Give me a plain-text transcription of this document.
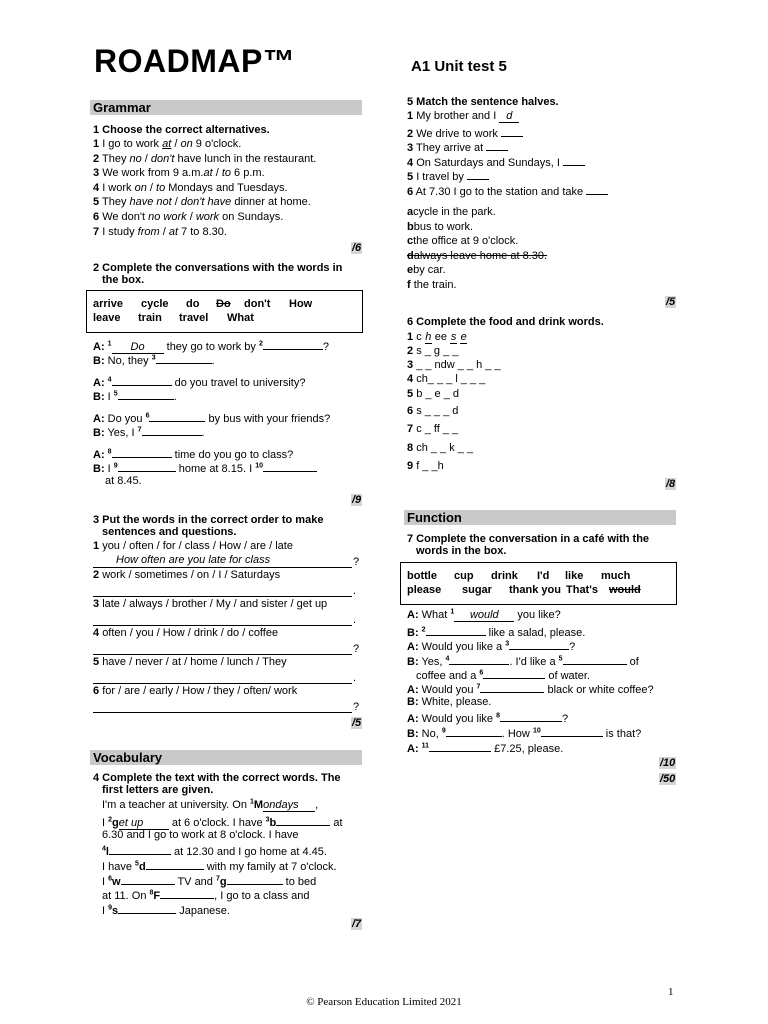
ROADMAP™	A1 Unit test 5
Grammar
1 Choose the correct alternatives.
1 I go to work at / on 9 o'clock.
2 They no / don't have lunch in the restaurant.
3 We work from 9 a.m.at / to 6 p.m.
4 I work on / to Mondays and Tuesdays.
5 They have not / don't have dinner at home.
6 We don't no work / work on Sundays.
7 I study from / at 7 to 8.30.
/6
2 Complete the conversations with the words in
the box.
arrive cycle do Do don't How
leave train travel What
A: $^1$ Do they go to work by $^2$	?
B: No, they $^3$	.
A: $^4$	do you travel to university?
B: I $^5$	.
A: Do you $^6$	by bus with your friends?
B: Yes, I $^7$	.
A: $^8$	time do you go to class?
B: I $^9$	home at 8.15. I $^{10}$
at 8.45.
/9
3 Put the words in the correct order to make
sentences and questions.
1 you / often / for / class / How / are / late
How often are you late for class	?
2 work / sometimes / on / I / Saturdays
.
3 late / always / brother / My / and sister / get up
.
4 often / you / How / drink / do / coffee
?
5 have / never / at / home / lunch / They
.
6 for / are / early / How / they / often/ work
?
/5
Vocabulary
4 Complete the text with the correct words. The
first letters are given.
I'm a teacher at university. On $^1$Mondays ,
I $^2$get up at 6 o'clock. I have $^3$b	at
6.30 and I go to work at 8 o'clock. I have
$^4$l	at 12.30 and I go home at 4.45.
I have $^5$d	with my family at 7 o'clock.
I $^6$w	TV and $^7$g	to bed
at 11. On $^8$F	, I go to a class and
I $^9$s	Japanese.
/7
5 Match the sentence halves.
1 My brother and I d
2 We drive to work
3 They arrive at
4 On Saturdays and Sundays, I
5 I travel by
6 At 7.30 I go to the station and take
acycle in the park.
bbus to work.
cthe office at 9 o'clock.
dalways leave home at 8.30.
eby car.
f the train.
/5
6 Complete the food and drink words.
1 c h ee s e
2 s _ g _ _
3 _ _ ndw _ _ h _ _
4 ch_ _ _ l _ _ _
5 b _ e _ d
6 s _ _ _ d
7 c _ ff _ _
8 ch _ _ k _ _
9 f _ _h
/8
Function
7 Complete the conversation in a café with the
words in the box.
bottle cup drink I'd like much
please sugar thank you That's would
A: What $^1$ would you like?
B: $^2$	like a salad, please.
A: Would you like a $^3$	?
B: Yes, $^4$	. I'd like a $^5$	of
coffee and a $^6$	of water.
A: Would you $^7$	black or white coffee?
B: White, please.
A: Would you like $^8$	?
B: No, $^9$	. How $^{10}$	is that?
A: $^{11}$	£7.25, please.
/10
/50
© Pearson Education Limited 2021
1
